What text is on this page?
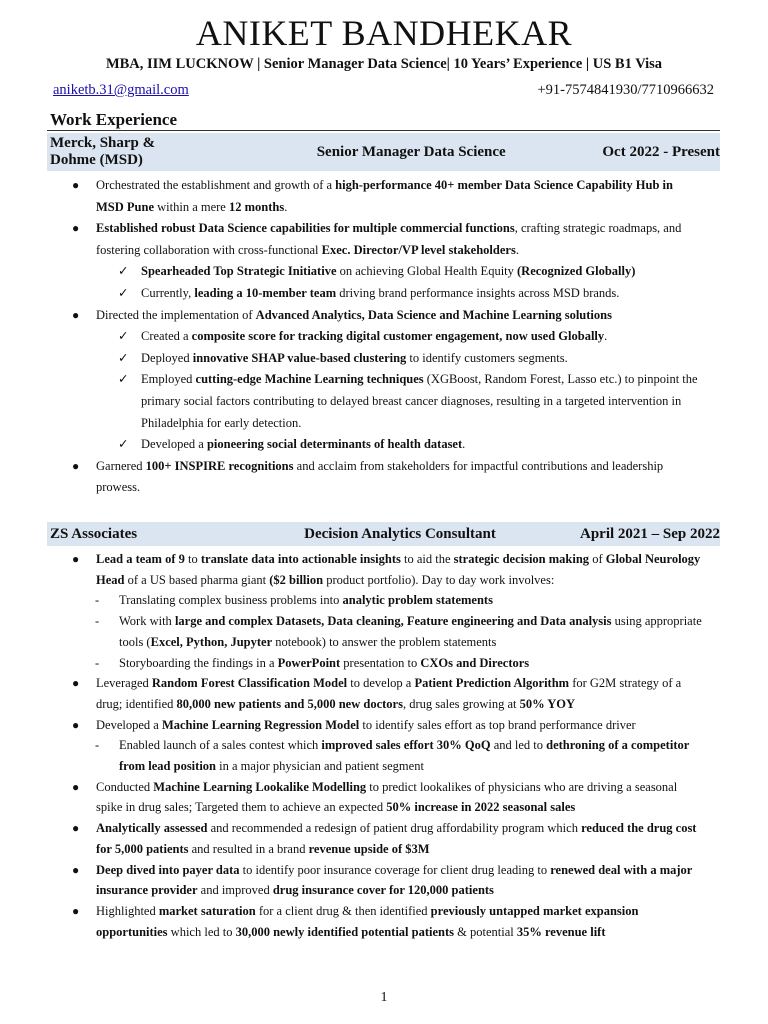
ANIKET BANDHEKAR
MBA, IIM LUCKNOW | Senior Manager Data Science| 10 Years’ Experience | US B1 Visa
aniketb.31@gmail.com	+91-7574841930/7710966632
Work Experience
Merck, Sharp &
Dohme (MSD)
Senior Manager Data Science	Oct 2022 - Present
● Orchestrated the establishment and growth of a high-performance 40+ member Data Science Capability Hub in MSD Pune within a mere 12 months.
● Established robust Data Science capabilities for multiple commercial functions, crafting strategic roadmaps, and fostering collaboration with cross-functional Exec. Director/VP level stakeholders.
✓ Spearheaded Top Strategic Initiative on achieving Global Health Equity (Recognized Globally)
✓ Currently, leading a 10-member team driving brand performance insights across MSD brands.
● Directed the implementation of Advanced Analytics, Data Science and Machine Learning solutions
✓ Created a composite score for tracking digital customer engagement, now used Globally.
✓ Deployed innovative SHAP value-based clustering to identify customers segments.
✓ Employed cutting-edge Machine Learning techniques (XGBoost, Random Forest, Lasso etc.) to pinpoint the primary social factors contributing to delayed breast cancer diagnoses, resulting in a targeted intervention in Philadelphia for early detection.
✓ Developed a pioneering social determinants of health dataset.
● Garnered 100+ INSPIRE recognitions and acclaim from stakeholders for impactful contributions and leadership prowess.
ZS Associates	Decision Analytics Consultant	April 2021 – Sep 2022
● Lead a team of 9 to translate data into actionable insights to aid the strategic decision making of Global Neurology Head of a US based pharma giant ($2 billion product portfolio). Day to day work involves:
- Translating complex business problems into analytic problem statements
- Work with large and complex Datasets, Data cleaning, Feature engineering and Data analysis using appropriate tools (Excel, Python, Jupyter notebook) to answer the problem statements
- Storyboarding the findings in a PowerPoint presentation to CXOs and Directors
● Leveraged Random Forest Classification Model to develop a Patient Prediction Algorithm for G2M strategy of a drug; identified 80,000 new patients and 5,000 new doctors, drug sales growing at 50% YOY
● Developed a Machine Learning Regression Model to identify sales effort as top brand performance driver
- Enabled launch of a sales contest which improved sales effort 30% QoQ and led to dethroning of a competitor from lead position in a major physician and patient segment
● Conducted Machine Learning Lookalike Modelling to predict lookalikes of physicians who are driving a seasonal spike in drug sales; Targeted them to achieve an expected 50% increase in 2022 seasonal sales
● Analytically assessed and recommended a redesign of patient drug affordability program which reduced the drug cost for 5,000 patients and resulted in a brand revenue upside of $3M
● Deep dived into payer data to identify poor insurance coverage for client drug leading to renewed deal with a major insurance provider and improved drug insurance cover for 120,000 patients
● Highlighted market saturation for a client drug & then identified previously untapped market expansion opportunities which led to 30,000 newly identified potential patients & potential 35% revenue lift
1
